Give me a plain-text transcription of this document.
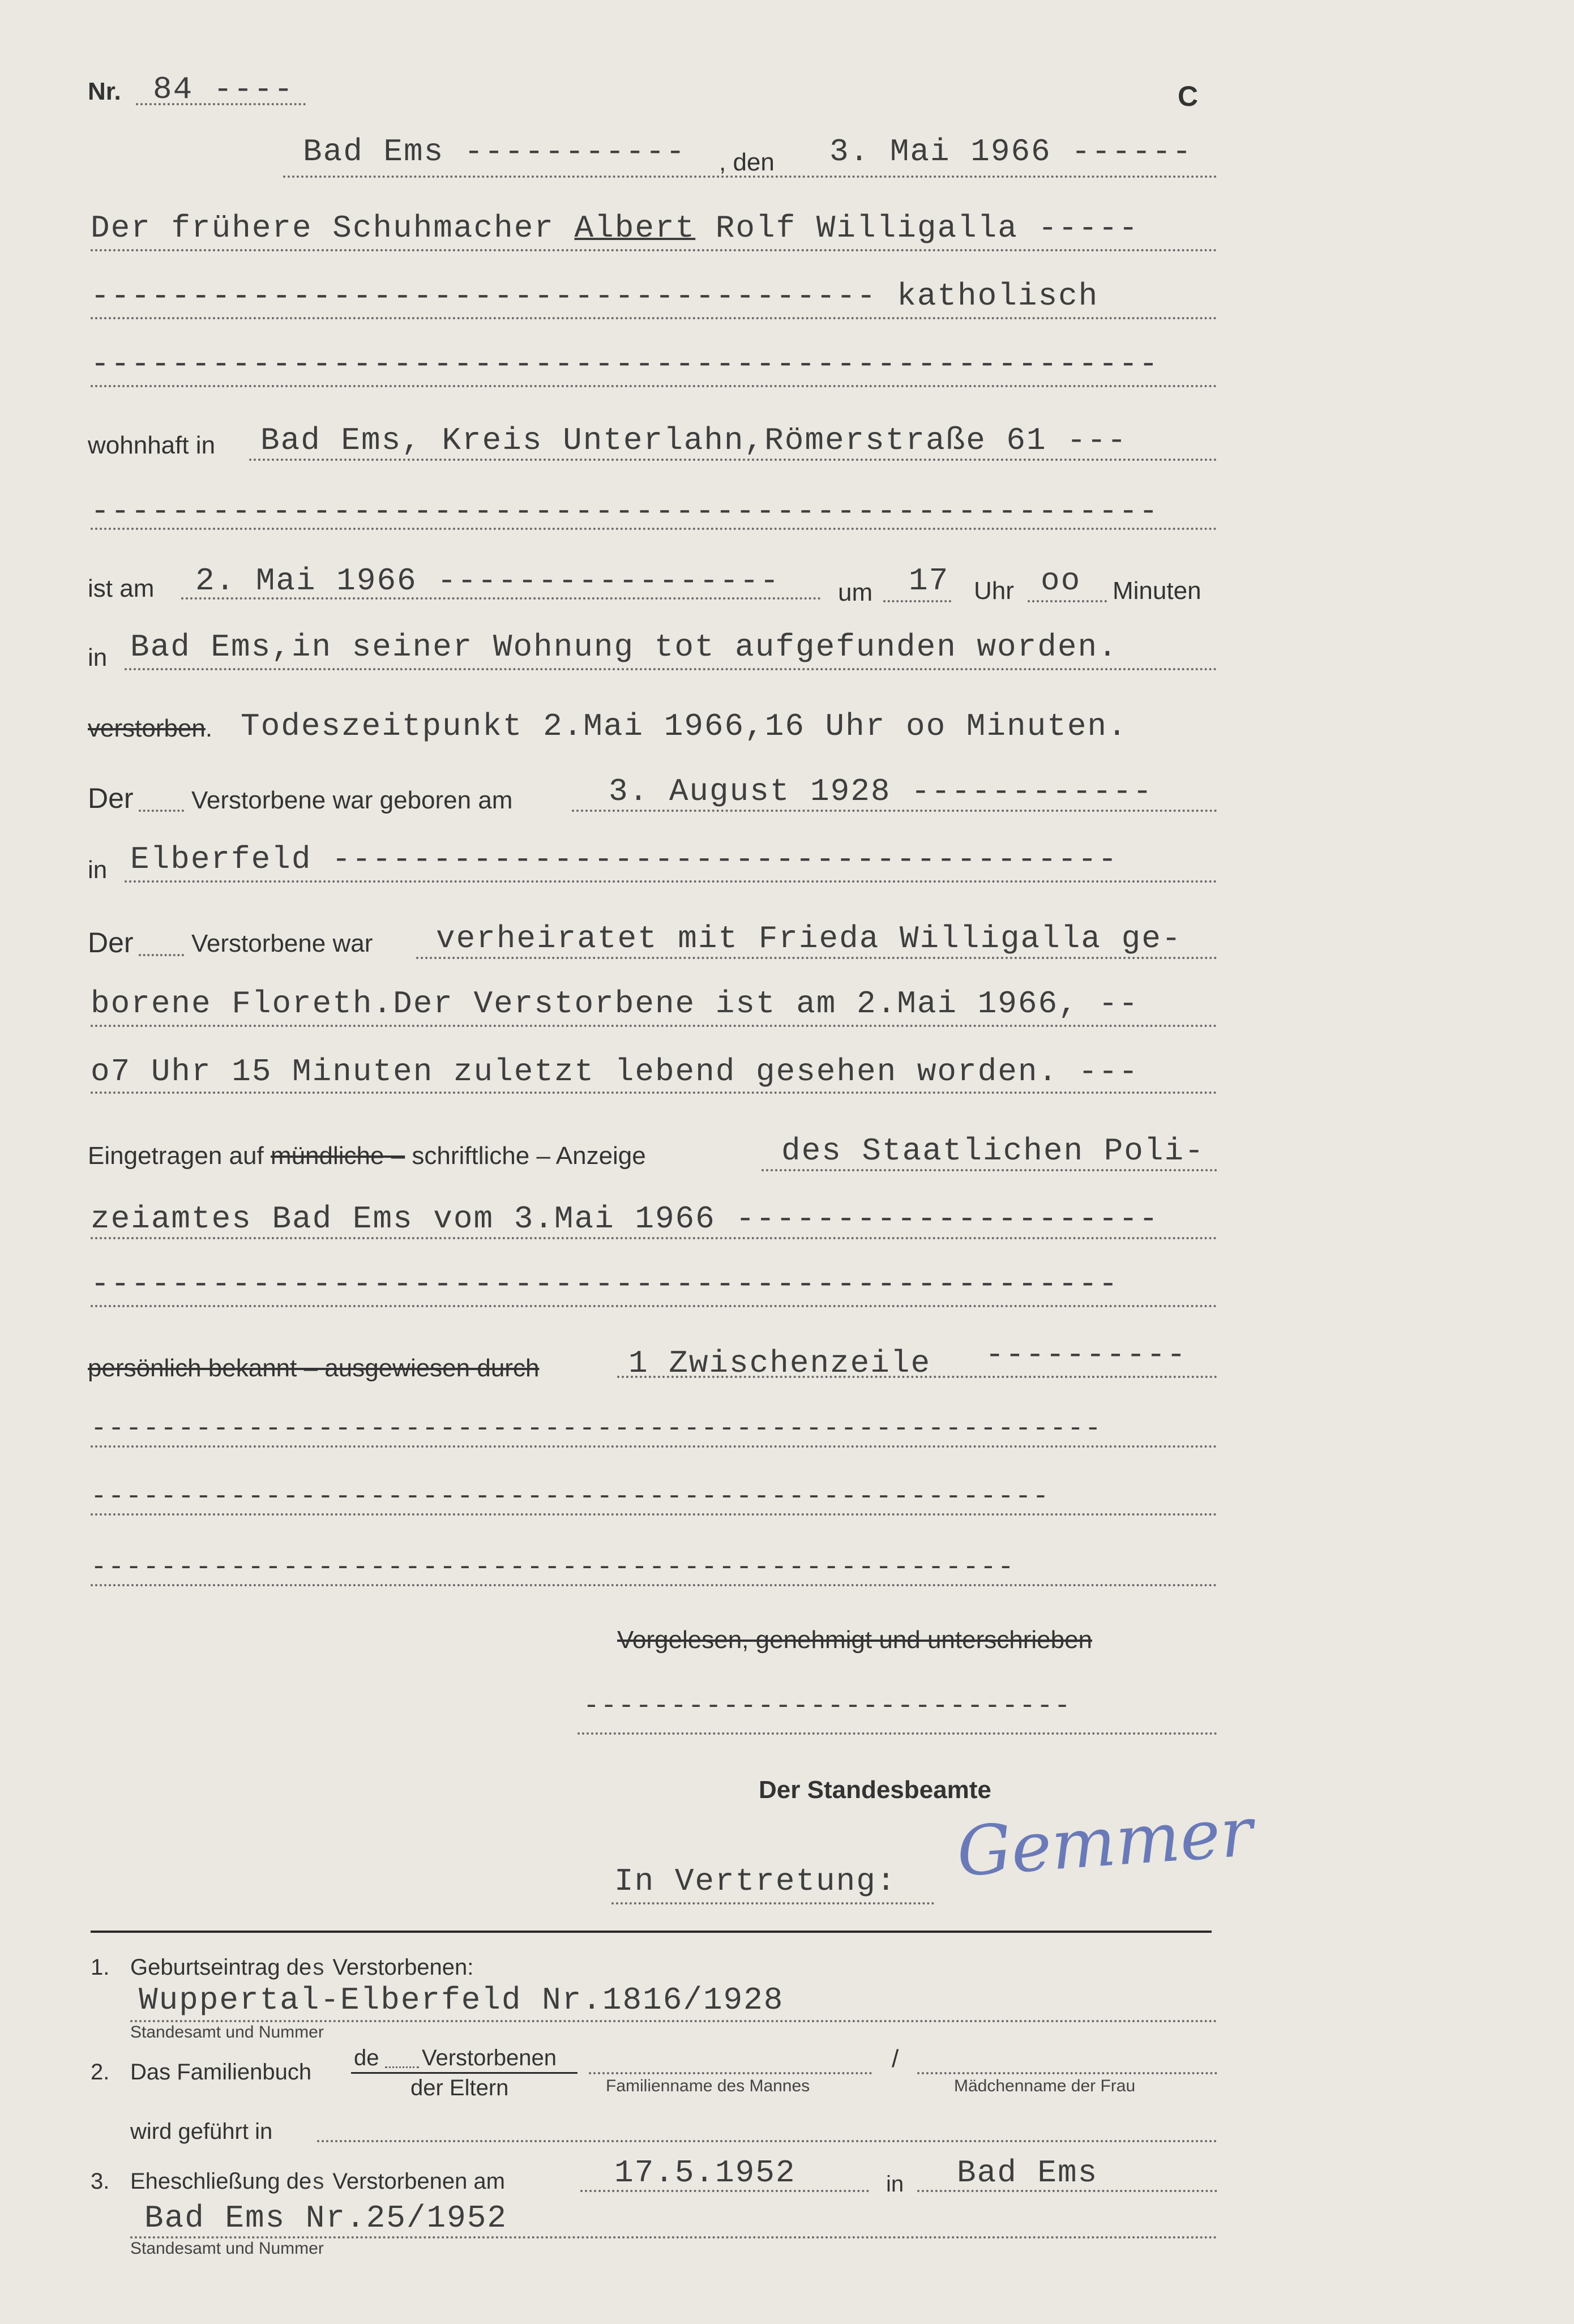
Nr. 84 ----	C
Bad Ems ----------- , den 3. Mai 1966 ------
Der frühere Schuhmacher Albert Rolf Willigalla -----
--------------------------------------- katholisch
-----------------------------------------------------
wohnhaft in Bad Ems, Kreis Unterlahn,Römerstraße 61 ---
-----------------------------------------------------
ist am 2. Mai 1966 ----------------- um 17 Uhr oo Minuten
in Bad Ems,in seiner Wohnung tot aufgefunden worden.
verstorben. Todeszeitpunkt 2.Mai 1966,16 Uhr oo Minuten.
Der Verstorbene war geboren am	3. August 1928 ------------
in Elberfeld ---------------------------------------
Der Verstorbene war verheiratet mit Frieda Willigalla ge-
borene Floreth.Der Verstorbene ist am 2.Mai 1966, --
o7 Uhr 15 Minuten zuletzt lebend gesehen worden. ---
Eingetragen auf mündliche – schriftliche – Anzeige	des Staatlichen Poli-
zeiamtes Bad Ems vom 3.Mai 1966 ---------------------
---------------------------------------------------
persönlich bekannt – ausgewiesen durch	1 Zwischenzeile ----------
----------------------------------------------------------
-------------------------------------------------------
-----------------------------------------------------
Vorgelesen, genehmigt und unterschrieben
----------------------------
Der Standesbeamte
In Vertretung: Gemmer
1. Geburtseintrag des Verstorbenen:
Wuppertal-Elberfeld Nr.1816/1928
Standesamt und Nummer
2. Das Familienbuch
de Verstorbenen
der Eltern
/
Familienname des Mannes	Mädchenname der Frau
wird geführt in
3. Eheschließung des Verstorbenen am	17.5.1952	in Bad Ems
Bad Ems Nr.25/1952
Standesamt und Nummer
